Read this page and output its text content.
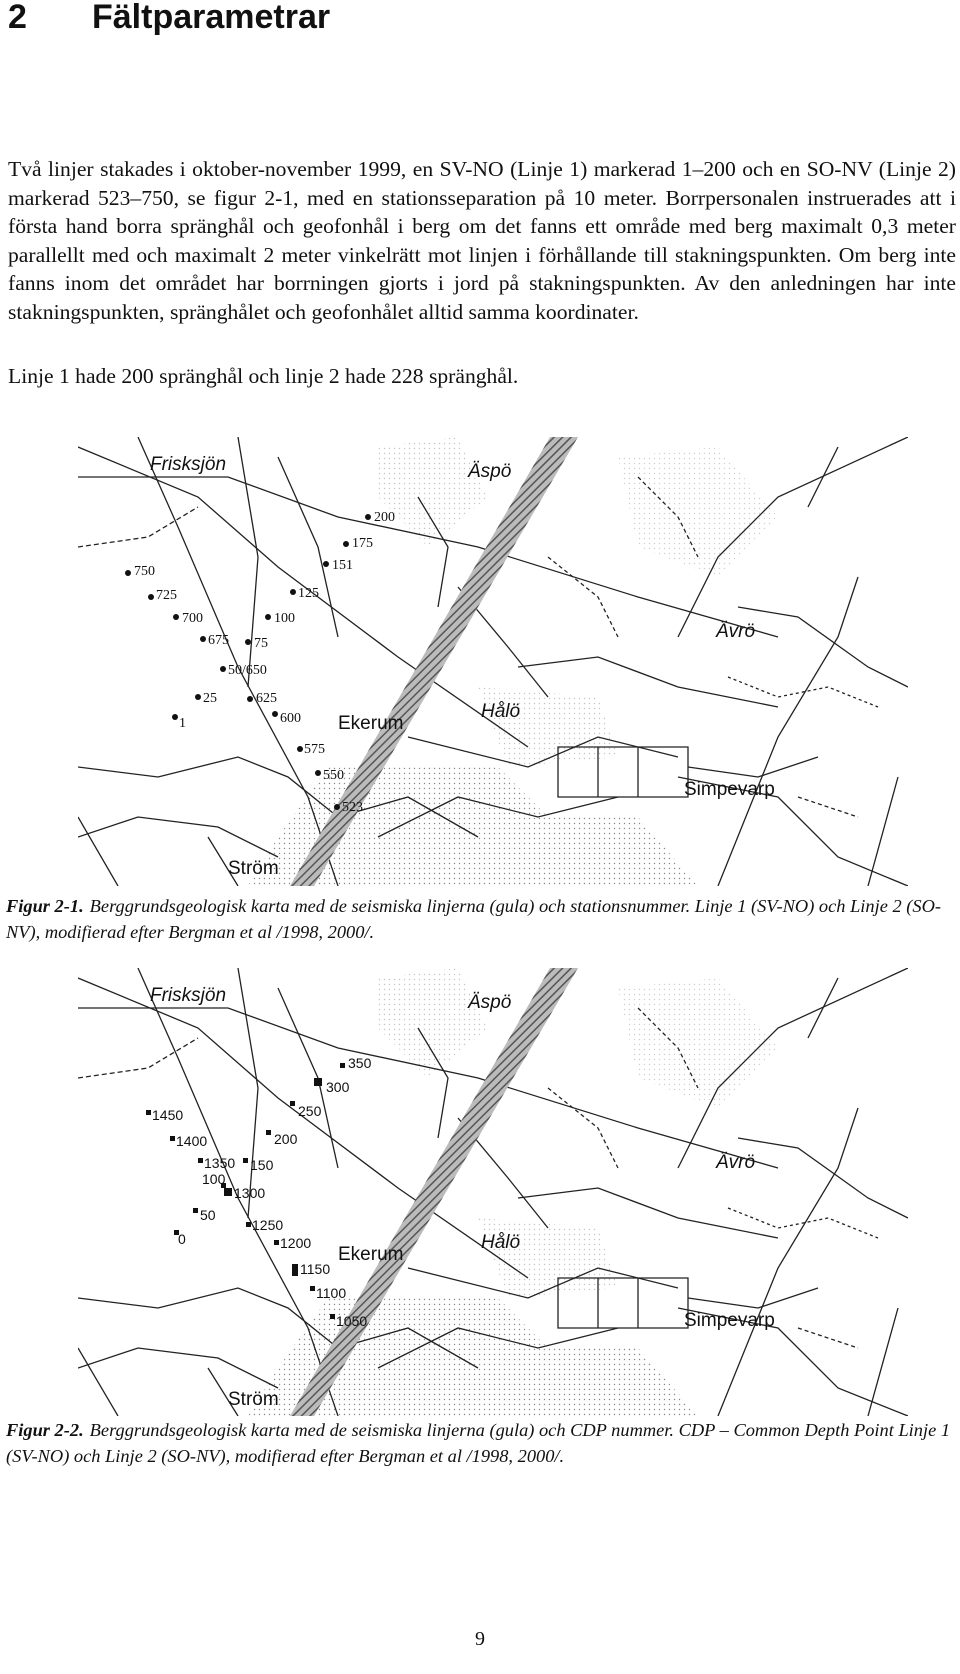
2 Fältparametrar

Två linjer stakades i oktober-november 1999, en SV-NO (Linje 1) markerad 1–200 och en SO-NV (Linje 2) markerad 523–750, se figur 2-1, med en stationsseparation på 10 meter. Borrpersonalen instruerades att i första hand borra spränghål och geofonhål i berg om det fanns ett område med berg maximalt 0,3 meter parallellt med och maximalt 2 meter vinkelrätt mot linjen i förhållande till stakningspunkten. Om berg inte fanns inom det området har borrningen gjorts i jord på stakningspunkten. Av den anledningen har inte stakningspunkten, spränghålet och geofonhålet alltid samma koordinater.

Linje 1 hade 200 spränghål och linje 2 hade 228 spränghål.

200
175
151
125
100
75
50/650
25
1	600
575
550
523
625
675
700
725
750
Frisksjön	Äspö
Ävrö
Hålö
Ekerum
Simpevarp
Ström

Figur 2-1. Berggrundsgeologisk karta med de seismiska linjerna (gula) och stationsnummer. Linje 1 (SV-NO) och Linje 2 (SO-NV), modifierad efter Bergman et al /1998, 2000/.

350
300
250
200
150
100
50
0
1450
1400
1350
1300
1250
1200
1150
1100
1050
Frisksjön	Äspö
Ävrö
Hålö
Ekerum
Simpevarp
Ström

Figur 2-2. Berggrundsgeologisk karta med de seismiska linjerna (gula) och CDP nummer. CDP – Common Depth Point Linje 1 (SV-NO) och Linje 2 (SO-NV), modifierad efter Bergman et al /1998, 2000/.

9
